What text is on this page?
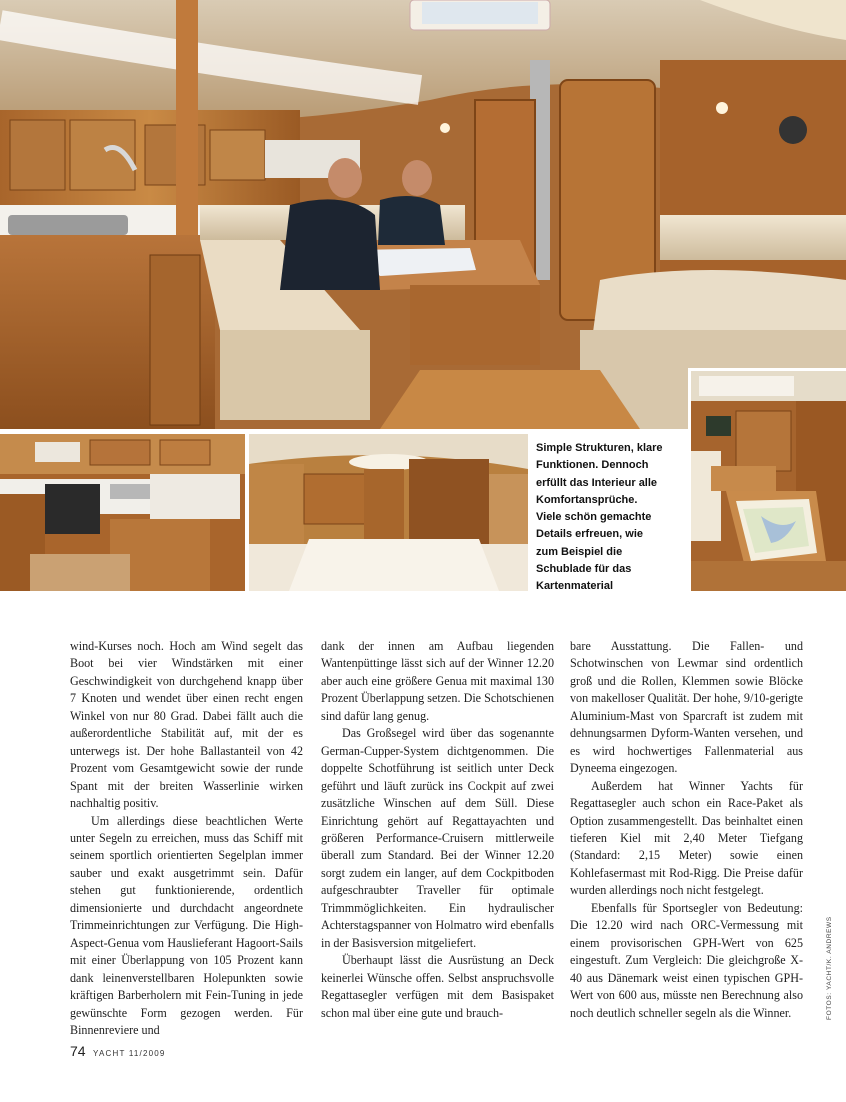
Simple Strukturen, klare

Funktionen. Dennoch

erfüllt das Interieur alle

Komfortansprüche.

Viele schön gemachte

Details erfreuen, wie

zum Beispiel die

Schublade für das

Kartenmaterial

wind-Kurses noch. Hoch am Wind segelt das Boot bei vier Windstärken mit einer Geschwindigkeit von durchgehend knapp über 7 Knoten und wendet über einen recht engen Winkel von nur 80 Grad. Dabei fällt auch die außerordentliche Stabilität auf, mit der es unterwegs ist. Der hohe Ballastanteil von 42 Prozent vom Gesamtgewicht sowie der runde Spant mit der breiten Wasserlinie wirken nachhaltig positiv.

Um allerdings diese beachtlichen Werte unter Segeln zu erreichen, muss das Schiff mit seinem sportlich orientierten Segelplan immer sauber und exakt ausgetrimmt sein. Dafür stehen gut funktionierende, ordentlich dimensionierte und durchdacht angeordnete Trimmeinrichtungen zur Verfügung. Die High-Aspect-Genua vom Hauslieferant Hagoort-Sails mit einer Überlappung von 105 Prozent kann dank leinenverstellbaren Holepunkten sowie kräftigen Barberholern mit Fein-Tuning in jede gewünschte Form gezogen werden. Für Binnenreviere und

dank der innen am Aufbau liegenden Wantenpüttinge lässt sich auf der Winner 12.20 aber auch eine größere Genua mit maximal 130 Prozent Überlappung setzen. Die Schotschienen sind dafür lang genug.

Das Großsegel wird über das sogenannte German-Cupper-System dichtgenommen. Die doppelte Schotführung ist seitlich unter Deck geführt und läuft zurück ins Cockpit auf zwei zusätzliche Winschen auf dem Süll. Diese Einrichtung gehört auf Regattayachten und größeren Performance-Cruisern mittlerweile überall zum Standard. Bei der Winner 12.20 sorgt zudem ein langer, auf dem Cockpitboden aufgeschraubter Traveller für optimale Trimmmöglichkeiten. Ein hydraulischer Achterstagspanner von Holmatro wird ebenfalls in der Basisversion mitgeliefert.

Überhaupt lässt die Ausrüstung an Deck keinerlei Wünsche offen. Selbst anspruchsvolle Regattasegler verfügen mit dem Basispaket schon mal über eine gute und brauch-

bare Ausstattung. Die Fallen- und Schotwinschen von Lewmar sind ordentlich groß und die Rollen, Klemmen sowie Blöcke von makelloser Qualität. Der hohe, 9/10-gerigte Aluminium-Mast von Sparcraft ist zudem mit dehnungsarmen Dyform-Wanten versehen, und es wird hochwertiges Fallenmaterial aus Dyneema eingezogen.

Außerdem hat Winner Yachts für Regattasegler auch schon ein Race-Paket als Option zusammengestellt. Das beinhaltet einen tieferen Kiel mit 2,40 Meter Tiefgang (Standard: 2,15 Meter) sowie einen Kohlefasermast mit Rod-Rigg. Die Preise dafür wurden allerdings noch nicht festgelegt.

Ebenfalls für Sportsegler von Bedeutung: Die 12.20 wird nach ORC-Vermessung mit einem provisorischen GPH-Wert von 625 eingestuft. Zum Vergleich: Die gleichgroße X-40 aus Dänemark weist einen typischen GPH-Wert von 600 aus, müsste nen Berechnung also noch deutlich schneller segeln als die Winner.

74 YACHT 11/2009
FOTOS: YACHT/K. ANDREWS
